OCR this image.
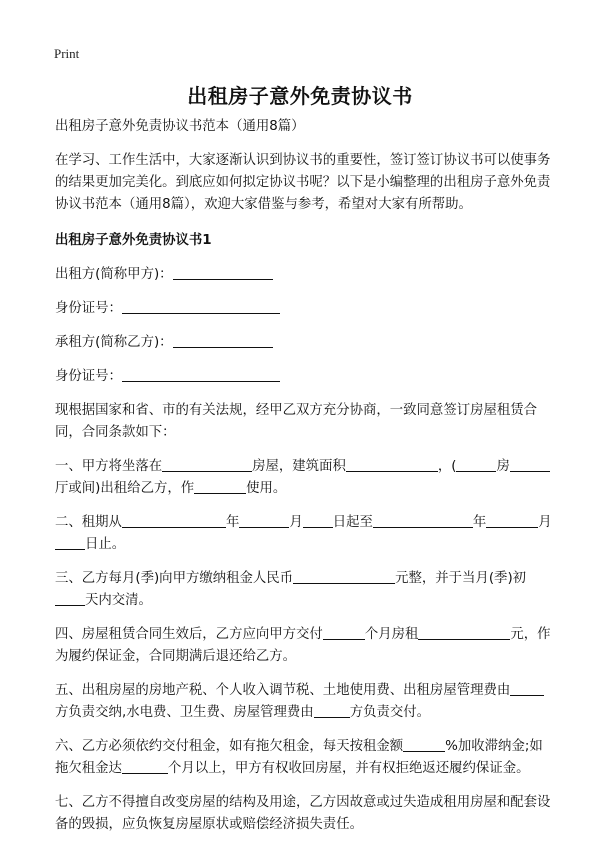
Print
出租房子意外免责协议书

出租房子意外免责协议书范本（通用8篇）

在学习、工作生活中，大家逐渐认识到协议书的重要性，签订签订协议书可以使事务的结果更加完美化。到底应如何拟定协议书呢？以下是小编整理的出租房子意外免责协议书范本（通用8篇），欢迎大家借鉴与参考，希望对大家有所帮助。

出租房子意外免责协议书1

出租方(简称甲方)：

身份证号：

承租方(简称乙方)：

身份证号：

现根据国家和省、市的有关法规，经甲乙双方充分协商，一致同意签订房屋租赁合同，合同条款如下：

一、甲方将坐落在	房屋，建筑面积	，(	房厅或间)出租给乙方，作	使用。

二、租期从	年	月 日起至	年	月日止。

三、乙方每月(季)向甲方缴纳租金人民币	元整，并于当月(季)初天内交清。

四、房屋租赁合同生效后，乙方应向甲方交付	个月房租	元，作为履约保证金，合同期满后退还给乙方。

五、出租房屋的房地产税、个人收入调节税、土地使用费、出租房屋管理费由方负责交纳,水电费、卫生费、房屋管理费由	方负责交付。

六、乙方必须依约交付租金，如有拖欠租金，每天按租金额	%加收滞纳金;如拖欠租金达	个月以上，甲方有权收回房屋，并有权拒绝返还履约保证金。

七、乙方不得擅自改变房屋的结构及用途，乙方因故意或过失造成租用房屋和配套设备的毁损，应负恢复房屋原状或赔偿经济损失责任。
